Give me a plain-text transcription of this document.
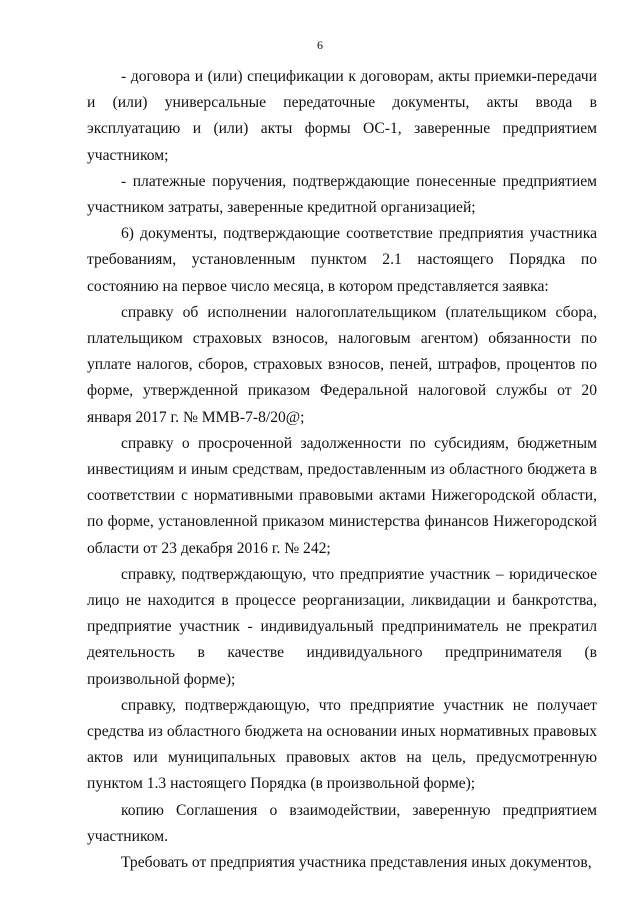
6

- договора и (или) спецификации к договорам, акты приемки-передачи и (или) универсальные передаточные документы, акты ввода в эксплуатацию и (или) акты формы ОС-1, заверенные предприятием участником;

- платежные поручения, подтверждающие понесенные предприятием участником затраты, заверенные кредитной организацией;

6) документы, подтверждающие соответствие предприятия участника требованиям, установленным пунктом 2.1 настоящего Порядка по состоянию на первое число месяца, в котором представляется заявка:

справку об исполнении налогоплательщиком (плательщиком сбора, плательщиком страховых взносов, налоговым агентом) обязанности по уплате налогов, сборов, страховых взносов, пеней, штрафов, процентов по форме, утвержденной приказом Федеральной налоговой службы от 20 января 2017 г. № ММВ-7-8/20@;

справку о просроченной задолженности по субсидиям, бюджетным инвестициям и иным средствам, предоставленным из областного бюджета в соответствии с нормативными правовыми актами Нижегородской области, по форме, установленной приказом министерства финансов Нижегородской области от 23 декабря 2016 г. № 242;

справку, подтверждающую, что предприятие участник – юридическое лицо не находится в процессе реорганизации, ликвидации и банкротства, предприятие участник - индивидуальный предприниматель не прекратил деятельность в качестве индивидуального предпринимателя (в произвольной форме);

справку, подтверждающую, что предприятие участник не получает средства из областного бюджета на основании иных нормативных правовых актов или муниципальных правовых актов на цель, предусмотренную пунктом 1.3 настоящего Порядка (в произвольной форме);

копию Соглашения о взаимодействии, заверенную предприятием участником.

Требовать от предприятия участника представления иных документов,
